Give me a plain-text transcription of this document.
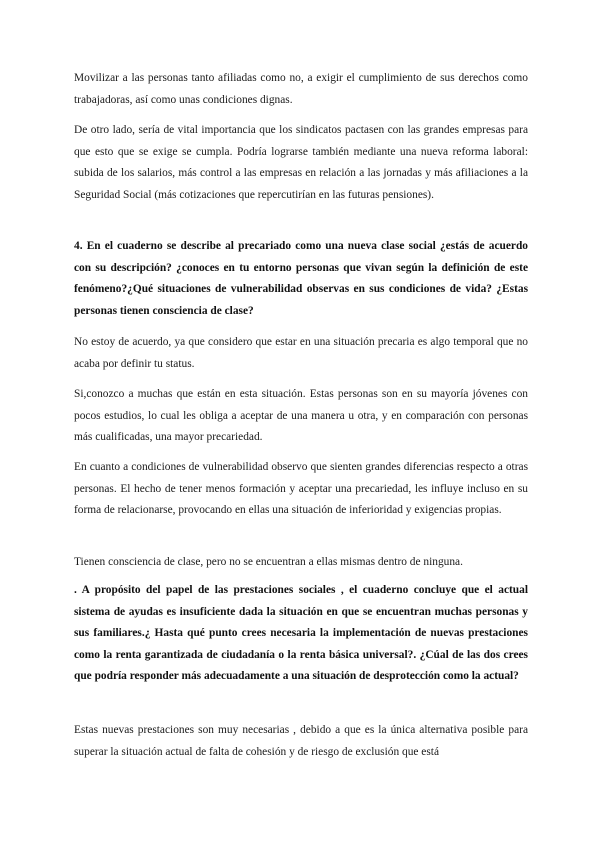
Movilizar a las personas tanto afiliadas como no, a exigir el cumplimiento de sus derechos como trabajadoras, así como unas condiciones dignas.

De otro lado, sería de vital importancia que los sindicatos pactasen con las grandes empresas para que esto que se exige se cumpla. Podría lograrse también mediante una nueva reforma laboral: subida de los salarios, más control a las empresas en relación a las jornadas y más afiliaciones a la Seguridad Social (más cotizaciones que repercutirían en las futuras pensiones).

4. En el cuaderno se describe al precariado como una nueva clase social ¿estás de acuerdo con su descripción? ¿conoces en tu entorno personas que vivan según la definición de este fenómeno?¿Qué situaciones de vulnerabilidad observas en sus condiciones de vida? ¿Estas personas tienen consciencia de clase?

No estoy de acuerdo, ya que considero que estar en una situación precaria es algo temporal que no acaba por definir tu status.

Si,conozco a muchas que están en esta situación. Estas personas son en su mayoría jóvenes con pocos estudios, lo cual les obliga a aceptar de una manera u otra, y en comparación con personas más cualificadas, una mayor precariedad.

En cuanto a condiciones de vulnerabilidad observo que sienten grandes diferencias respecto a otras personas. El hecho de tener menos formación y aceptar una precariedad, les influye incluso en su forma de relacionarse, provocando en ellas una situación de inferioridad y exigencias propias.

Tienen consciencia de clase, pero no se encuentran a ellas mismas dentro de ninguna.

. A propósito del papel de las prestaciones sociales , el cuaderno concluye que el actual sistema de ayudas es insuficiente dada la situación en que se encuentran muchas personas y sus familiares.¿ Hasta qué punto crees necesaria la implementación de nuevas prestaciones como la renta garantizada de ciudadanía o la renta básica universal?. ¿Cúal de las dos crees que podría responder más adecuadamente a una situación de desprotección como la actual?

Estas nuevas prestaciones son muy necesarias , debido a que es la única alternativa posible para superar la situación actual de falta de cohesión y de riesgo de exclusión que está
